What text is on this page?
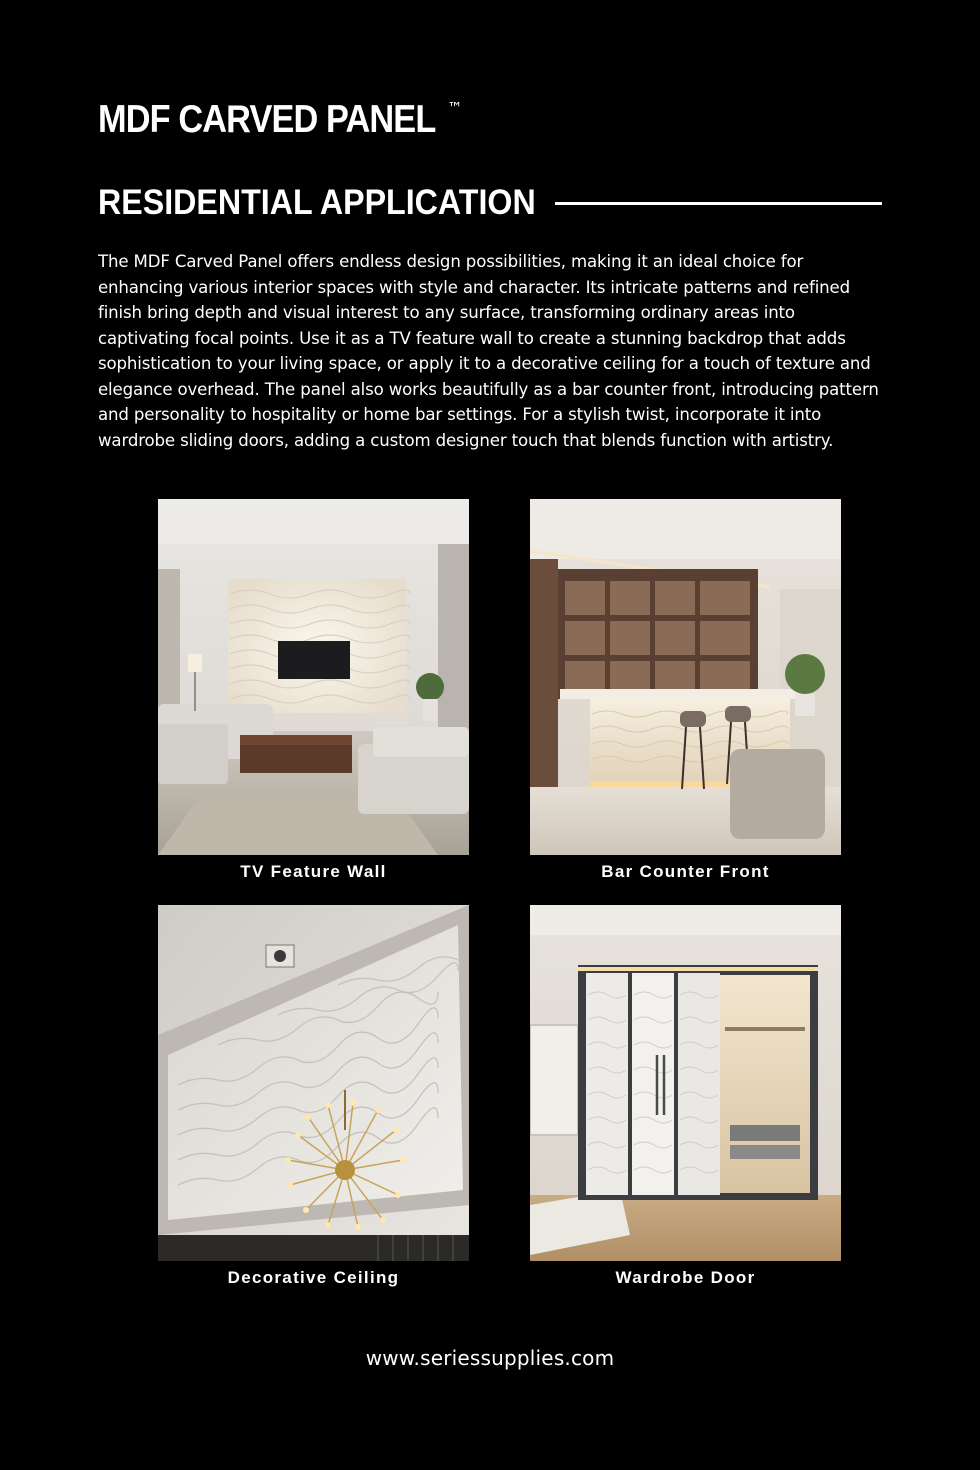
MDF CARVED PANEL ™
RESIDENTIAL APPLICATION

The MDF Carved Panel offers endless design possibilities, making it an ideal choice for enhancing various interior spaces with style and character. Its intricate patterns and refined finish bring depth and visual interest to any surface, transforming ordinary areas into captivating focal points. Use it as a TV feature wall to create a stunning backdrop that adds sophistication to your living space, or apply it to a decorative ceiling for a touch of texture and elegance overhead. The panel also works beautifully as a bar counter front, introducing pattern and personality to hospitality or home bar settings. For a stylish twist, incorporate it into wardrobe sliding doors, adding a custom designer touch that blends function with artistry.

TV Feature Wall	Bar Counter Front
Decorative Ceiling	Wardrobe Door
www.seriessupplies.com
